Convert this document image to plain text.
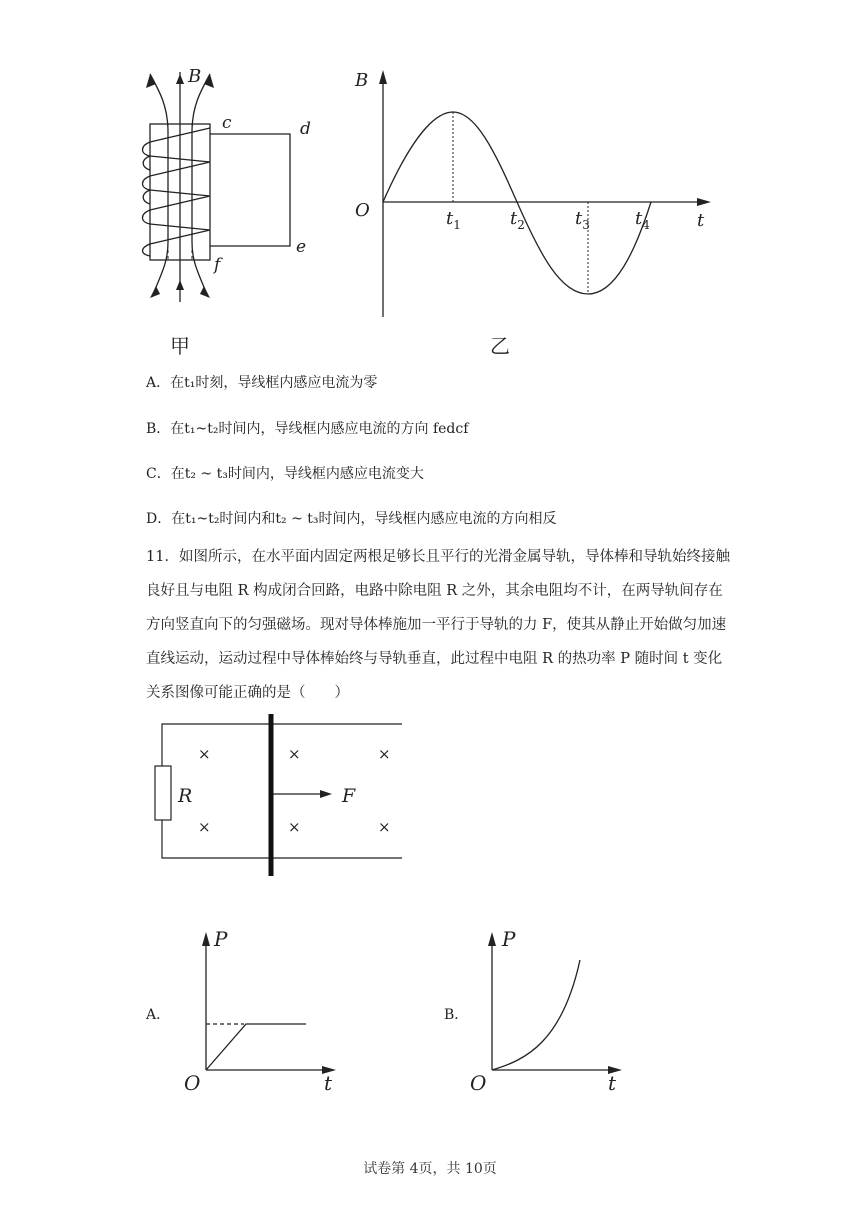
B
c	d
e
f
甲
B
t
O	$t_1$	$t_2$	$t_3$	$t_4$
乙
A．在t₁时刻，导线框内感应电流为零
B．在t₁~t₂时间内，导线框内感应电流的方向 fedcf
C．在t₂ ~ t₃时间内，导线框内感应电流变大
D．在t₁~t₂时间内和t₂ ~ t₃时间内，导线框内感应电流的方向相反
11．如图所示，在水平面内固定两根足够长且平行的光滑金属导轨，导体棒和导轨始终接触良好且与电阻 R 构成闭合回路，电路中除电阻 R 之外，其余电阻均不计，在两导轨间存在方向竖直向下的匀强磁场。现对导体棒施加一平行于导轨的力 F，使其从静止开始做匀加速直线运动，运动过程中导体棒始终与导轨垂直，此过程中电阻 R 的热功率 P 随时间 t 变化关系图像可能正确的是（　　）
×	×	×
×	×	×
R	F
A．
P
t
O
B．
P
t
O
试卷第 4页，共 10页
